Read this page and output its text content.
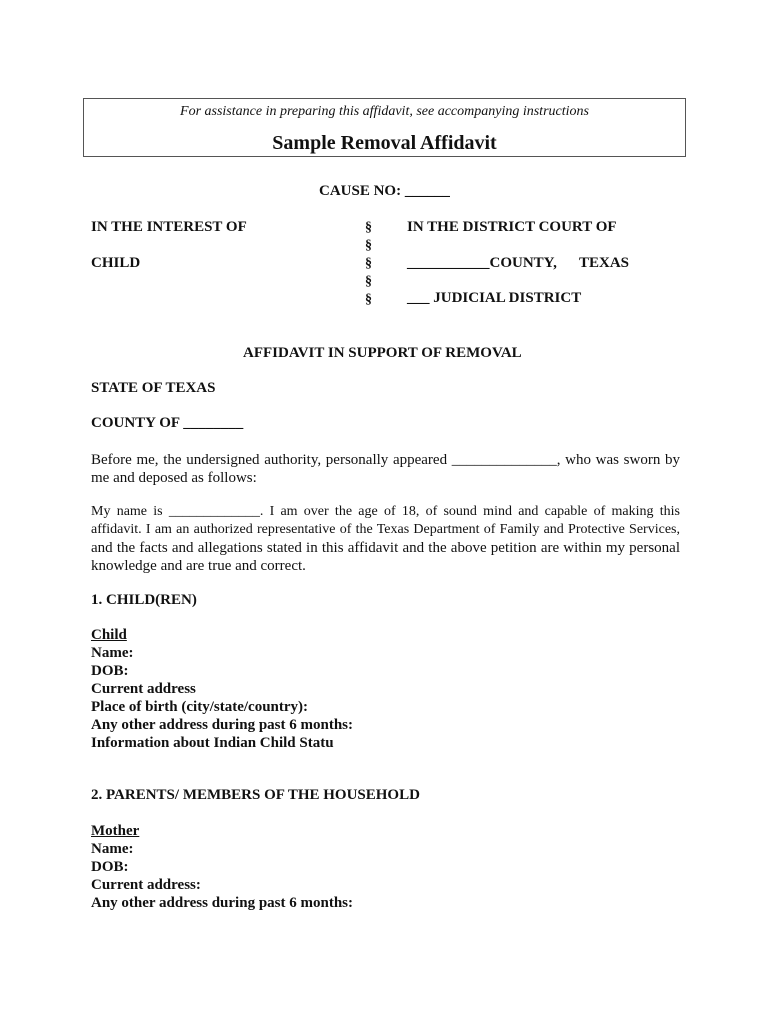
For assistance in preparing this affidavit, see accompanying instructions
Sample Removal Affidavit
CAUSE NO: ______
IN THE INTEREST OF
CHILD
§
§
§
§
§
IN THE DISTRICT COURT OF
___________COUNTY, TEXAS
___ JUDICIAL DISTRICT
AFFIDAVIT IN SUPPORT OF REMOVAL
STATE OF TEXAS
COUNTY OF ________
Before me, the undersigned authority, personally appeared ______________, who was sworn by
me and deposed as follows:
My name is _____________. I am over the age of 18, of sound mind and capable of making this
affidavit. I am an authorized representative of the Texas Department of Family and Protective Services,
and the facts and allegations stated in this affidavit and the above petition are within my personal
knowledge and are true and correct.
1. CHILD(REN)
Child
Name:
DOB:
Current address
Place of birth (city/state/country):
Any other address during past 6 months:
Information about Indian Child Statu
2. PARENTS/ MEMBERS OF THE HOUSEHOLD
Mother
Name:
DOB:
Current address:
Any other address during past 6 months:
